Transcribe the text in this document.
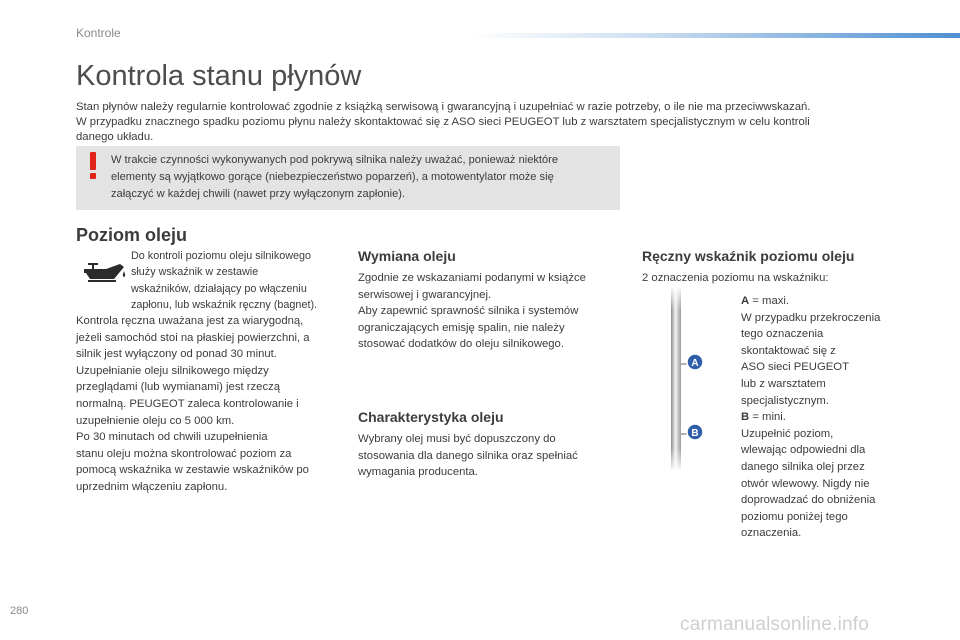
Kontrole
Kontrola stanu płynów

Stan płynów należy regularnie kontrolować zgodnie z książką serwisową i gwarancyjną i uzupełniać w razie potrzeby, o ile nie ma przeciwwskazań.
W przypadku znacznego spadku poziomu płynu należy skontaktować się z ASO sieci PEUGEOT lub z warsztatem specjalistycznym w celu kontroli
danego układu.

W trakcie czynności wykonywanych pod pokrywą silnika należy uważać, ponieważ niektóre
elementy są wyjątkowo gorące (niebezpieczeństwo poparzeń), a motowentylator może się
załączyć w każdej chwili (nawet przy wyłączonym zapłonie).

Poziom oleju

Do kontroli poziomu oleju silnikowego
służy wskaźnik w zestawie
wskaźników, działający po włączeniu
zapłonu, lub wskaźnik ręczny (bagnet).

Kontrola ręczna uważana jest za wiarygodną,
jeżeli samochód stoi na płaskiej powierzchni, a
silnik jest wyłączony od ponad 30 minut.
Uzupełnianie oleju silnikowego między
przeglądami (lub wymianami) jest rzeczą
normalną. PEUGEOT zaleca kontrolowanie i
uzupełnienie oleju co 5 000 km.
Po 30 minutach od chwili uzupełnienia
stanu oleju można skontrolować poziom za
pomocą wskaźnika w zestawie wskaźników po
uprzednim włączeniu zapłonu.

Wymiana oleju

Zgodnie ze wskazaniami podanymi w książce
serwisowej i gwarancyjnej.
Aby zapewnić sprawność silnika i systemów
ograniczających emisję spalin, nie należy
stosować dodatków do oleju silnikowego.

Charakterystyka oleju

Wybrany olej musi być dopuszczony do
stosowania dla danego silnika oraz spełniać
wymagania producenta.

Ręczny wskaźnik poziomu oleju

2 oznaczenia poziomu na wskaźniku:

A
B

A = maxi.
W przypadku przekroczenia
tego oznaczenia
skontaktować się z
ASO sieci PEUGEOT
lub z warsztatem
specjalistycznym.
B = mini.
Uzupełnić poziom,
wlewając odpowiedni dla
danego silnika olej przez
otwór wlewowy. Nigdy nie
doprowadzać do obniżenia
poziomu poniżej tego
oznaczenia.

280
carmanualsonline.info
